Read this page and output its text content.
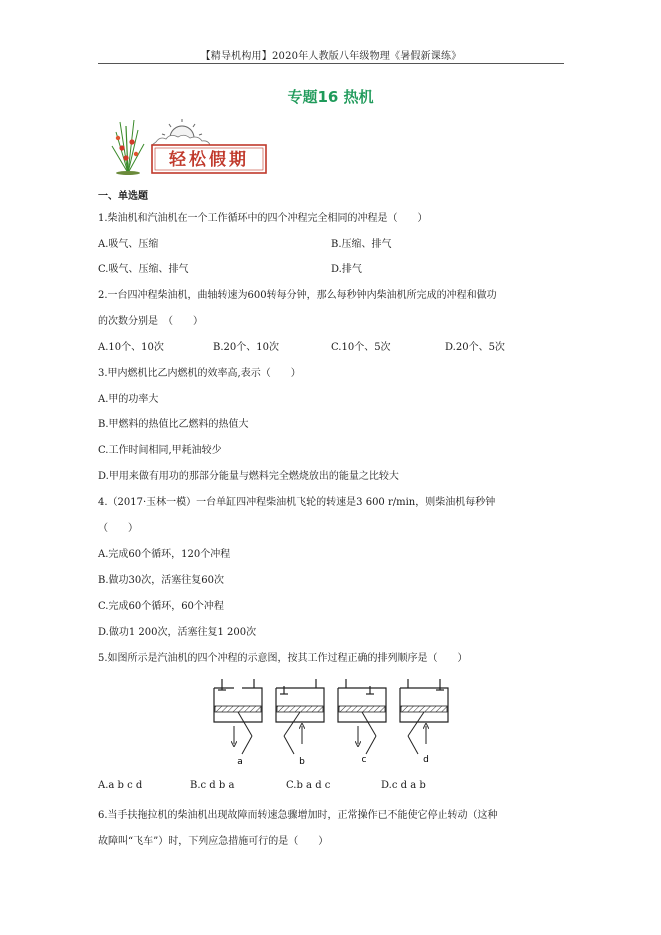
【精导机构用】2020年人教版八年级物理《暑假新课练》
专题16 热机
轻松假期
一、单选题
1.柴油机和汽油机在一个工作循环中的四个冲程完全相同的冲程是（　　）
A.吸气、压缩	B.压缩、排气
C.吸气、压缩、排气	D.排气
2.一台四冲程柴油机，曲轴转速为600转每分钟，那么每秒钟内柴油机所完成的冲程和做功
的次数分别是　（　　）
A.10个、10次	B.20个、10次	C.10个、5次	D.20个、5次
3.甲内燃机比乙内燃机的效率高,表示（　　）
A.甲的功率大
B.甲燃料的热值比乙燃料的热值大
C.工作时间相同,甲耗油较少
D.甲用来做有用功的那部分能量与燃料完全燃烧放出的能量之比较大
4.（2017·玉林一模）一台单缸四冲程柴油机飞轮的转速是3 600 r/min，则柴油机每秒钟
（　　）
A.完成60个循环，120个冲程
B.做功30次，活塞往复60次
C.完成60个循环，60个冲程
D.做功1 200次，活塞往复1 200次
5.如图所示是汽油机的四个冲程的示意图，按其工作过程正确的排列顺序是（　　）
a	b	c	d
A.a b c d	B.c d b a	C.b a d c	D.c d a b
6.当手扶拖拉机的柴油机出现故障而转速急骤增加时，正常操作已不能使它停止转动（这种
故障叫“飞车”）时，下列应急措施可行的是（　　）
